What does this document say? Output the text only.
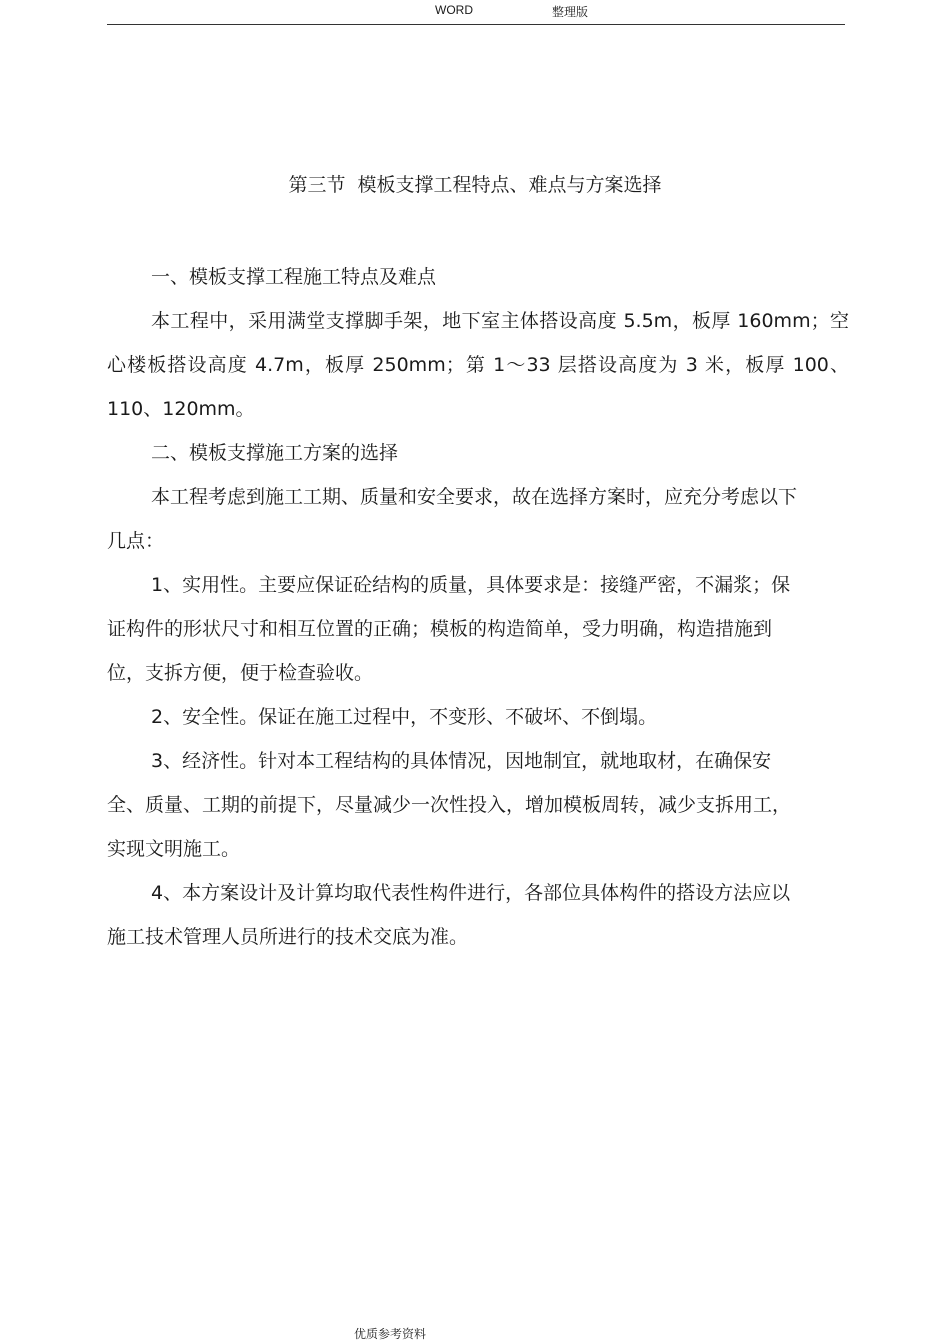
WORD	整理版
第三节  模板支撑工程特点、难点与方案选择

一、模板支撑工程施工特点及难点

本工程中，采用满堂支撑脚手架，地下室主体搭设高度 5.5m，板厚 160mm；空心楼板搭设高度 4.7m，板厚 250mm；第 1～33 层搭设高度为 3 米，板厚 100、110、120mm。

二、模板支撑施工方案的选择

本工程考虑到施工工期、质量和安全要求，故在选择方案时，应充分考虑以下几点：

1、实用性。主要应保证砼结构的质量，具体要求是：接缝严密，不漏浆；保证构件的形状尺寸和相互位置的正确；模板的构造简单，受力明确，构造措施到位，支拆方便，便于检查验收。

2、安全性。保证在施工过程中，不变形、不破坏、不倒塌。

3、经济性。针对本工程结构的具体情况，因地制宜，就地取材，在确保安全、质量、工期的前提下，尽量减少一次性投入，增加模板周转，减少支拆用工，实现文明施工。

4、本方案设计及计算均取代表性构件进行，各部位具体构件的搭设方法应以施工技术管理人员所进行的技术交底为准。

优质参考资料
